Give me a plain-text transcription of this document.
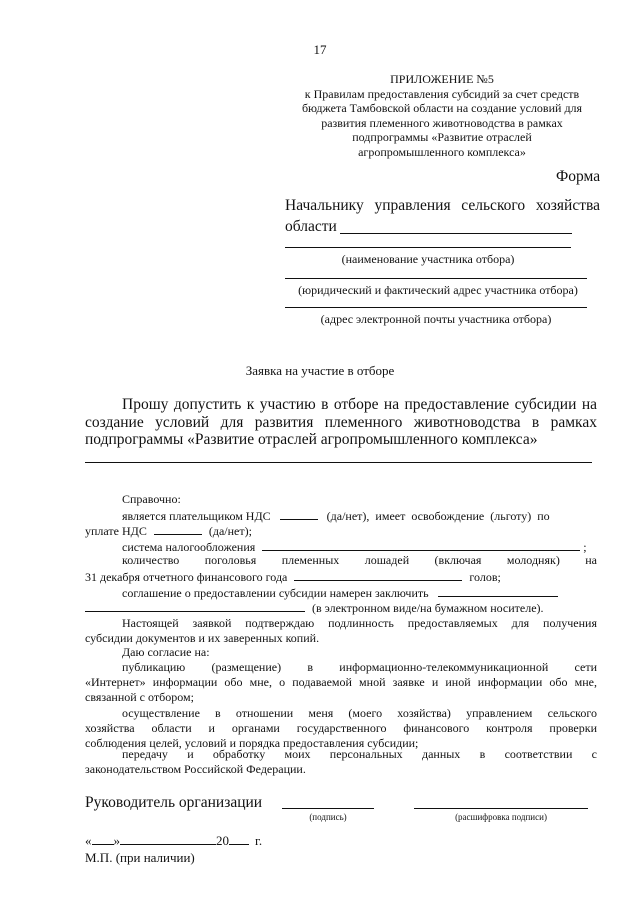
17
ПРИЛОЖЕНИЕ №5
к Правилам предоставления субсидий за счет средств
бюджета Тамбовской области на создание условий для
развития племенного животноводства в рамках
подпрограммы «Развитие отраслей
агропромышленного комплекса»
Форма
Начальнику управления сельского хозяйства
области
(наименование участника отбора)
(юридический и фактический адрес участника отбора)
(адрес электронной почты участника отбора)
Заявка на участие в отборе
Прошу допустить к участию в отборе на предоставление субсидии на
создание условий для развития племенного животноводства в рамках
подпрограммы «Развитие отраслей агропромышленного комплекса»
Справочно:
является плательщиком НДС	(да/нет), имеет освобождение (льготу) по
уплате НДС	(да/нет);
система налогообложения	;
количество поголовья племенных лошадей (включая молодняк) на
31 декабря отчетного финансового года	голов;
соглашение о предоставлении субсидии намерен заключить
(в электронном виде/на бумажном носителе).
Настоящей заявкой подтверждаю подлинность предоставляемых для получения
субсидии документов и их заверенных копий.
Даю согласие на:
публикацию (размещение) в информационно-телекоммуникационной сети
«Интернет» информации обо мне, о подаваемой мной заявке и иной информации обо мне,
связанной с отбором;
осуществление в отношении меня (моего хозяйства) управлением сельского
хозяйства области и органами государственного финансового контроля проверки
соблюдения целей, условий и порядка предоставления субсидии;
передачу и обработку моих персональных данных в соответствии с
законодательством Российской Федерации.
Руководитель организации
(подпись)	(расшифровка подписи)
« »	20 г.
М.П. (при наличии)
